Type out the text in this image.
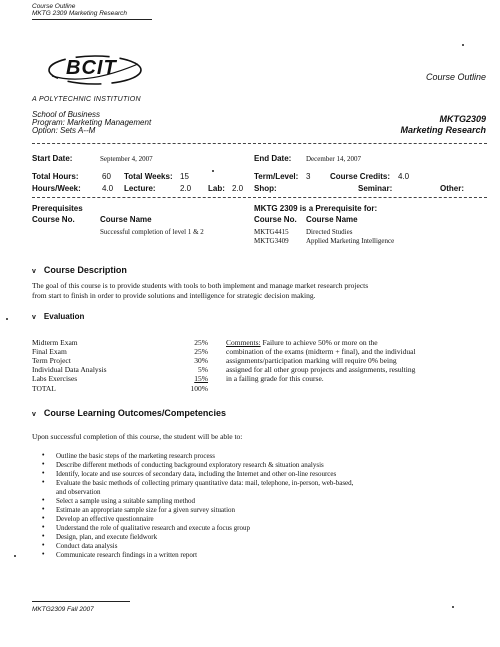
Course Outline
MKTG 2309 Marketing Research
BCIT
A POLYTECHNIC INSTITUTION
Course Outline
School of Business
Program: Marketing Management
Option: Sets A--M
MKTG2309
Marketing Research
Start Date:	September 4, 2007	End Date: December 14, 2007
Total Hours:	60 Total Weeks: 15	Term/Level: 3 Course Credits: 4.0
Hours/Week:	4.0 Lecture:	2.0 Lab: 2.0 Shop:	Seminar:	Other:
Prerequisites
Course No.	Course Name
Successful completion of level 1 & 2
MKTG 2309 is a Prerequisite for:
Course No. Course Name
MKTG4415 Directed Studies
MKTG3409 Applied Marketing Intelligence
v Course Description
The goal of this course is to provide students with tools to both implement and manage market research projects
from start to finish in order to provide solutions and intelligence for strategic decision making.
v Evaluation
Midterm Exam	25%
Final Exam	25%
Term Project	30%
Individual Data Analysis	5%
Labs Exercises	15%
TOTAL	100%
Comments: Failure to achieve 50% or more on the
combination of the exams (midterm + final), and the individual
assignments/participation marking will require 0% being
assigned for all other group projects and assignments, resulting
in a failing grade for this course.
v Course Learning Outcomes/Competencies
Upon successful completion of this course, the student will be able to:
• Outline the basic steps of the marketing research process
• Describe different methods of conducting background exploratory research & situation analysis
• Identify, locate and use sources of secondary data, including the Internet and other on-line resources
• Evaluate the basic methods of collecting primary quantitative data: mail, telephone, in-person, web-based,
and observation
• Select a sample using a suitable sampling method
• Estimate an appropriate sample size for a given survey situation
• Develop an effective questionnaire
• Understand the role of qualitative research and execute a focus group
• Design, plan, and execute fieldwork
• Conduct data analysis
• Communicate research findings in a written report
MKTG2309 Fall 2007
